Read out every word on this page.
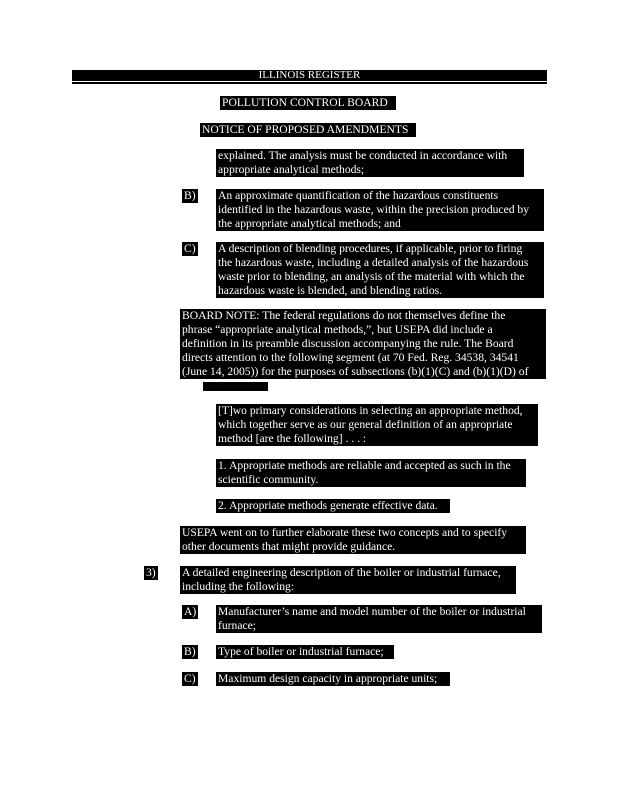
ILLINOIS REGISTER
POLLUTION CONTROL BOARD
NOTICE OF PROPOSED AMENDMENTS
explained. The analysis must be conducted in accordance with
appropriate analytical methods;
B) An approximate quantification of the hazardous constituents
identified in the hazardous waste, within the precision produced by
the appropriate analytical methods; and
C) A description of blending procedures, if applicable, prior to firing
the hazardous waste, including a detailed analysis of the hazardous
waste prior to blending, an analysis of the material with which the
hazardous waste is blended, and blending ratios.
BOARD NOTE: The federal regulations do not themselves define the
phrase “appropriate analytical methods,”, but USEPA did include a
definition in its preamble discussion accompanying the rule. The Board
directs attention to the following segment (at 70 Fed. Reg. 34538, 34541
(June 14, 2005)) for the purposes of subsections (b)(1)(C) and (b)(1)(D) of
[T]wo primary considerations in selecting an appropriate method,
which together serve as our general definition of an appropriate
method [are the following] . . . :
1. Appropriate methods are reliable and accepted as such in the
scientific community.
2. Appropriate methods generate effective data.
USEPA went on to further elaborate these two concepts and to specify
other documents that might provide guidance.
3) A detailed engineering description of the boiler or industrial furnace,
including the following:
A) Manufacturer’s name and model number of the boiler or industrial
furnace;
B) Type of boiler or industrial furnace;
C) Maximum design capacity in appropriate units;
